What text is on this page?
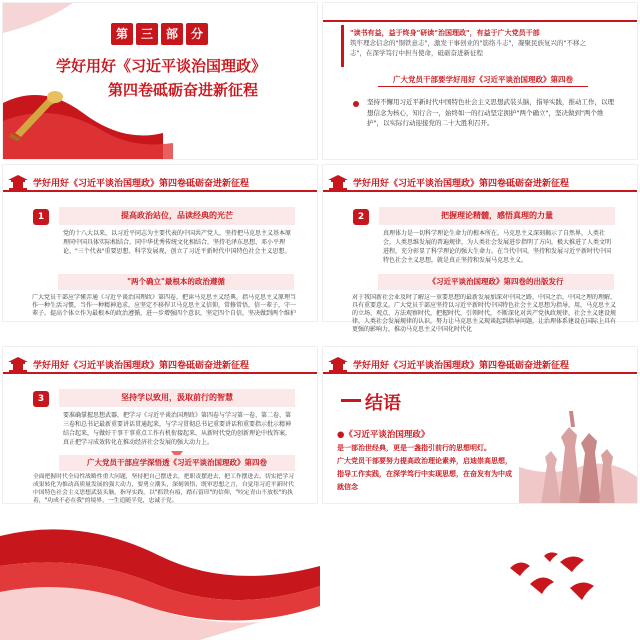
第	三	部	分
学好用好《习近平谈治国理政》
第四卷砥砺奋进新征程

"读书有益，益于终身"研读"治国理政"，有益于广大党员干部

筑牢理念信念的"铜铁意志"，激发干事创业的"筋络斗志"，凝聚民族复兴的"不移之

志"，在深学笃行中担当使命，砥砺奋进新征程

广大党员干部要学好用好《习近平谈治国理政》第四卷
坚持不懈用习近平新时代中国特色社会主义思想武装头脑，指导实践，推动工作，以理想信念为核心，知行合一，始终如一的行动坚定拥护"两个确立"，坚决做到"两个维护"，以实际行动迎接党的二十大胜利召开。
学好用好《习近平谈治国理政》第四卷砥砺奋进新征程
1	提高政治站位，品读经典的光芒
党的十八大以来，以习近平同志为主要代表的中国共产党人，坚持把马克思主义基本原理同中国具体实际相结合、同中华优秀传统文化相结合，坚持毛泽东思想、邓小平理论、"三个代表"重要思想、科学发展观，创立了习近平新时代中国特色社会主义思想。
"两个确立"最根本的政治遵循
广大党员干部应学懂弄通《习近平谈治国理政》第四卷，把读马克思主义经典，指马克思主义原理当作一种生活习惯，当作一种精神追求，应坚定不移捍卫马克思主义信仰，常修常悟，信一辈子，守一辈子。提高个体立作为最根本的政治遵循，进一步增强四个意识，坚定四个自信，坚决做到两个维护
学好用好《习近平谈治国理政》第四卷砥砺奋进新征程
2	把握理论精髓，感悟真理的力量
真理体力是一切科学理论生命力的根本所在。马克思主义深刻揭示了自然界，人类社会，人类思维发展的普遍规律，为人类社会发展进步指明了方向，极大推进了人类文明进程，充分彰显了科学理论的强大生命力。在当代中国，坚持和发展习近平新时代中国特色社会主义思想，就是真正坚持和发展马克思主义。
《习近平谈治国理政》第四卷的出版发行
对于我国新社会业及时了解这一重要思想的最新发展加深对中国之路，中国之治，中国之理的理解，具有重要意义。广大党员干部应坚持以习近平新时代中国特色社会主义思想为指导，用，马克思主义的立场、观点、方法观察时代，把握时代，引领时代，不断深化对共产党执政规律，社会主义建设规律，人类社会发展规律的认识，努力让马克思主义现谈起到指导问题，让治理体系建设在国际上具有更强的影响力，推动马克思主义中国化时代化
学好用好《习近平谈治国理政》第四卷砥砺奋进新征程
3	坚持学以致用，汲取前行的智慧
要准确掌握思想武器，把学习《习近平谈治国理政》第四卷与学习第一卷、第二卷、第三卷和总书记最新重要讲话贯通起来，与学习贯彻总书记重要讲话和重要指示批示精神结合起来，与做好干事干事重点工作有机衔接起来，从新时代党的创新理论中找答案，真正把学习成效转化在推动经济社会发展的强大动力上。
广大党员干部应学深悟透《习近平谈治国理政》第四卷
全面把握时代全局性战略性重大问题，坚持把自己摆进去，把职责摆进去，把工作摆进去。切实把学习成果转化为推动高质量发展的强大动力，要勇立潮头，深刻领悟，既审思想之言，自觉用习近平新时代中国特色社会主义思想武装头脑，指导实践，以"抓铁有痕，踏石留印"的信仰，"咬定青山不放松"的执着，"功成不必在我"的境界，一生追随半党，忠诚于党。
学好用好《习近平谈治国理政》第四卷砥砺奋进新征程
结语
●《习近平谈治国理政》
是一部治世经典，更是一盏指引前行的思想明灯。
广大党员干部要努力提高政治理论素养，启迪崇高思想，指导工作实践，在深学笃行中实现思想，在奋发有为中成就信念
